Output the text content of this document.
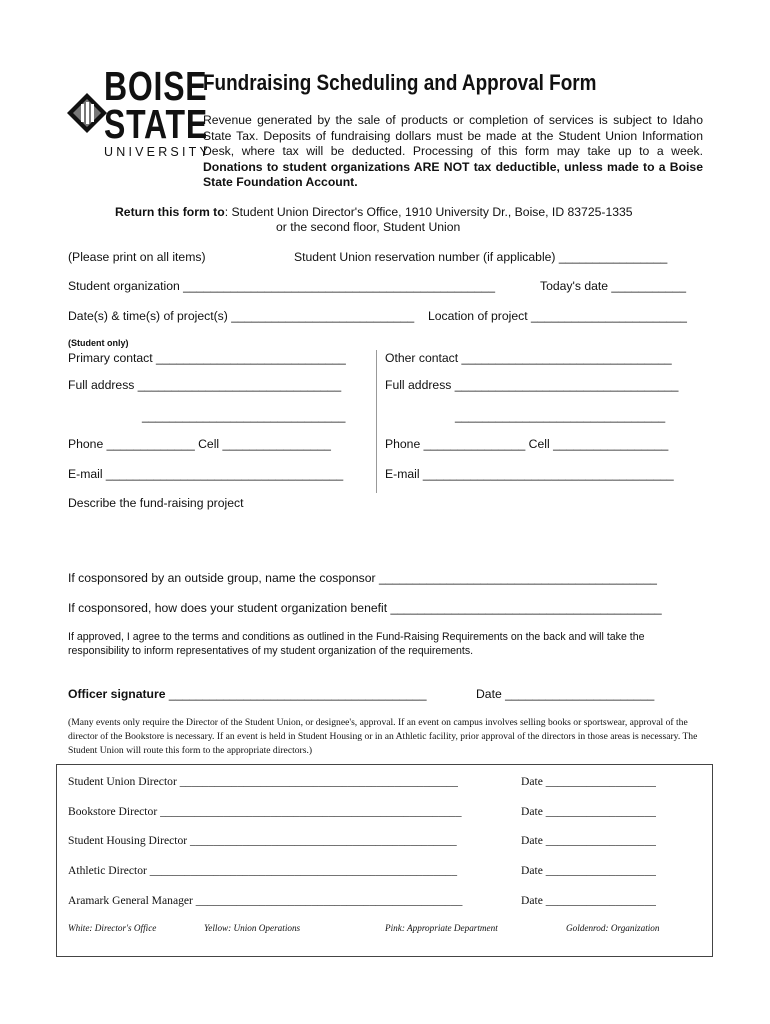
BOISE
STATE
UNIVERSITY
Fundraising Scheduling and Approval Form
Revenue generated by the sale of products or completion of services is subject to Idaho State Tax. Deposits of fundraising dollars must be made at the Student Union Information Desk, where tax will be deducted. Processing of this form may take up to a week. Donations to student organizations ARE NOT tax deductible, unless made to a Boise State Foundation Account.
Return this form to: Student Union Director's Office, 1910 University Dr., Boise, ID 83725-1335
or the second floor, Student Union
(Please print on all items)	Student Union reservation number (if applicable) ________________
Student organization ______________________________________________	Today's date ___________
Date(s) & time(s) of project(s) ___________________________ Location of project _______________________
(Student only)
Primary contact ____________________________	Other contact _______________________________
Full address ______________________________	Full address _________________________________
______________________________	_______________________________
Phone _____________ Cell ________________	Phone _______________ Cell _________________
E-mail ___________________________________	E-mail _____________________________________
Describe the fund-raising project
If cosponsored by an outside group, name the cosponsor _________________________________________
If cosponsored, how does your student organization benefit ________________________________________
If approved, I agree to the terms and conditions as outlined in the Fund-Raising Requirements on the back and will take the responsibility to inform representatives of my student organization of the requirements.
Officer signature ______________________________________	Date ______________________
(Many events only require the Director of the Student Union, or designee's, approval. If an event on campus involves selling books or sportswear, approval of the director of the Bookstore is necessary. If an event is held in Student Housing or in an Athletic facility, prior approval of the directors in those areas is necessary. The Student Union will route this form to the appropriate directors.)
Student Union Director ________________________________________________	Date ___________________
Bookstore Director ____________________________________________________	Date ___________________
Student Housing Director ______________________________________________	Date ___________________
Athletic Director _____________________________________________________	Date ___________________
Aramark General Manager ______________________________________________	Date ___________________
White: Director's Office	Yellow: Union Operations	Pink: Appropriate Department	Goldenrod: Organization
